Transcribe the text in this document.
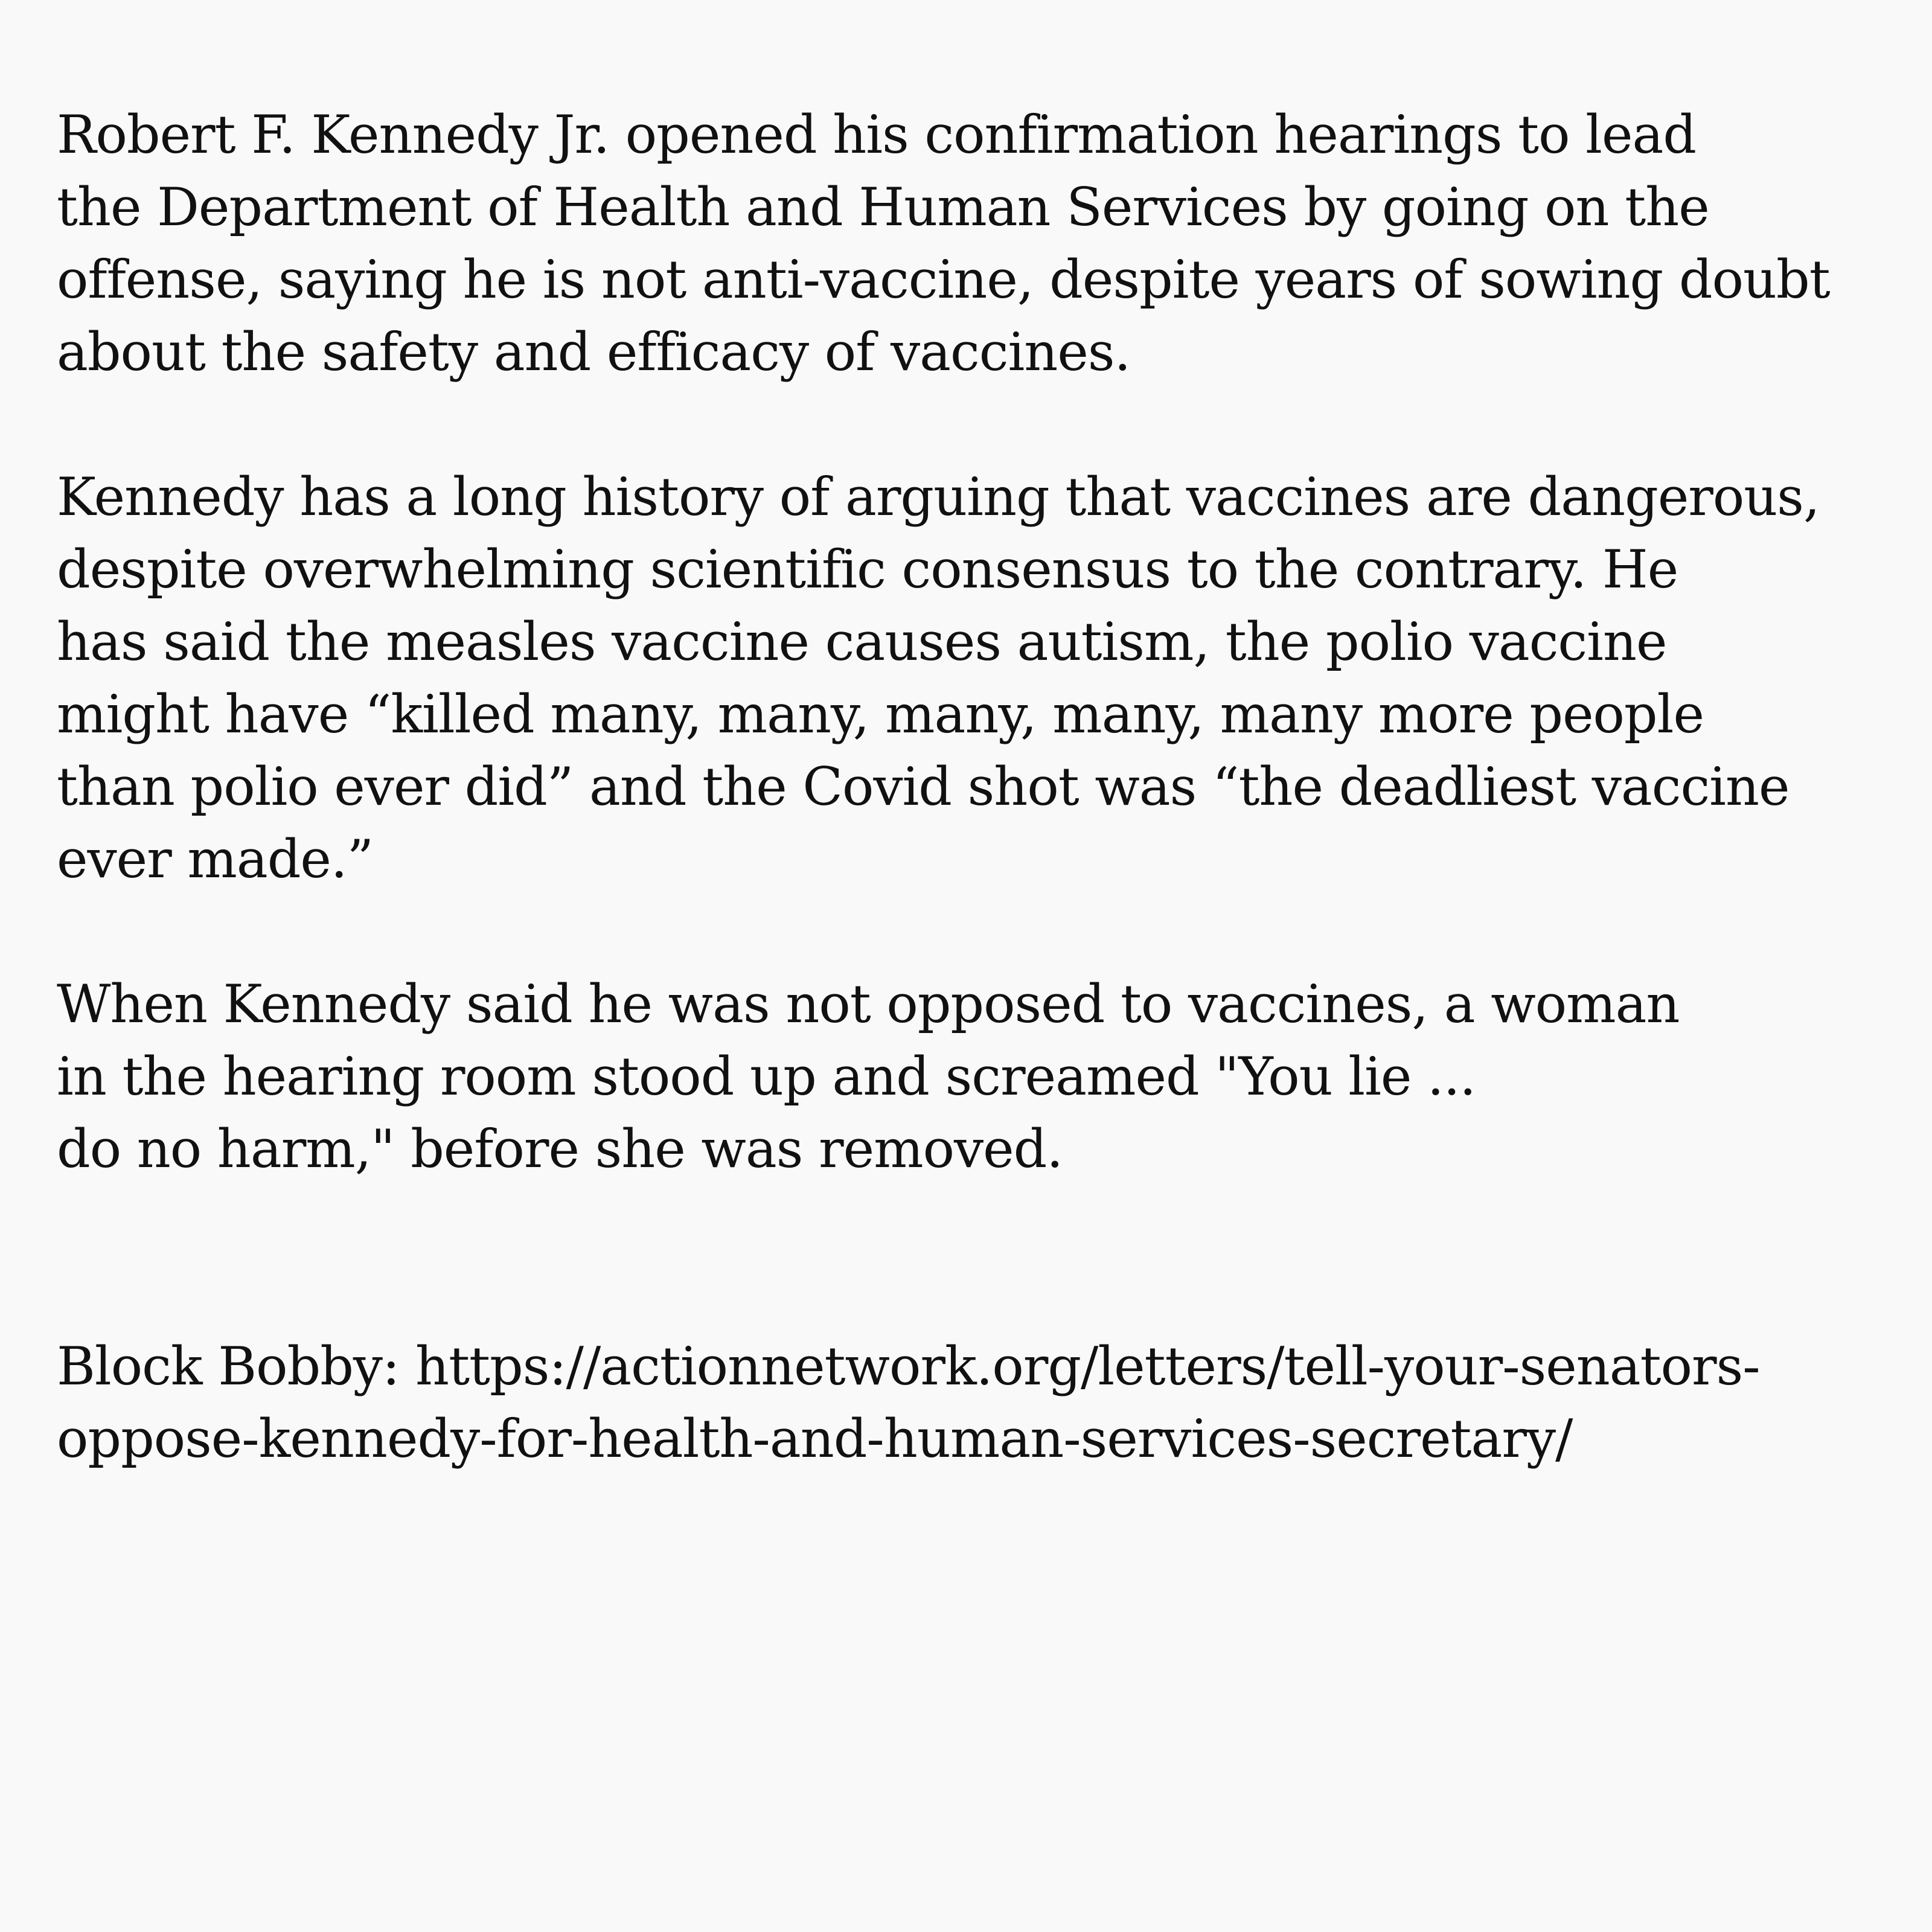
Robert F. Kennedy Jr. opened his confirmation hearings to lead
the Department of Health and Human Services by going on the
offense, saying he is not anti-vaccine, despite years of sowing doubt
about the safety and efficacy of vaccines.

Kennedy has a long history of arguing that vaccines are dangerous,
despite overwhelming scientific consensus to the contrary. He
has said the measles vaccine causes autism, the polio vaccine
might have “killed many, many, many, many, many more people
than polio ever did” and the Covid shot was “the deadliest vaccine
ever made.”

When Kennedy said he was not opposed to vaccines, a woman
in the hearing room stood up and screamed "You lie ...
do no harm," before she was removed.

Block Bobby: https://actionnetwork.org/letters/tell-your-senators-
oppose-kennedy-for-health-and-human-services-secretary/
